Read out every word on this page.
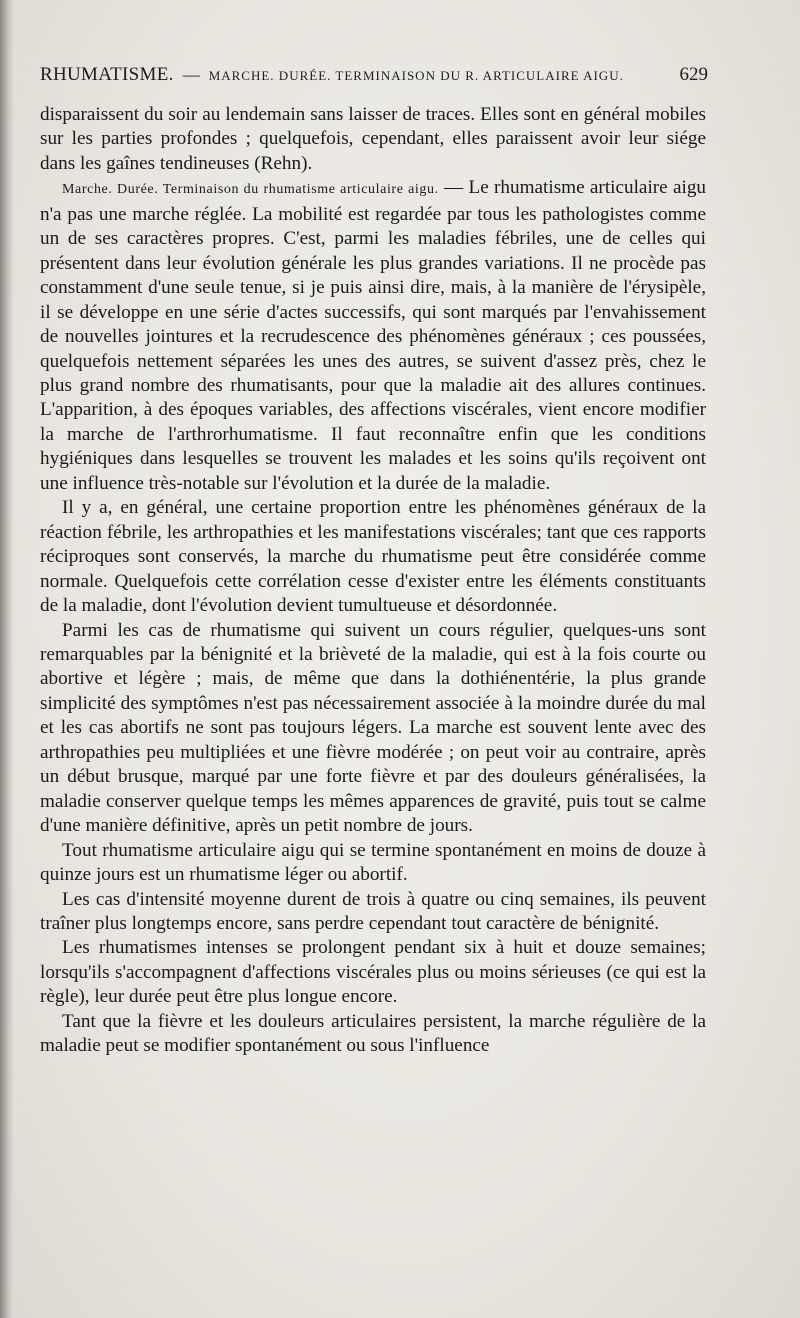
RHUMATISME. — MARCHE. DURÉE. TERMINAISON DU R. ARTICULAIRE AIGU.	629

disparaissent du soir au lendemain sans laisser de traces. Elles sont en général mobiles sur les parties profondes ; quelquefois, cependant, elles paraissent avoir leur siége dans les gaînes tendineuses (Rehn).

Marche. Durée. Terminaison du rhumatisme articulaire aigu. — Le rhumatisme articulaire aigu n'a pas une marche réglée. La mobilité est regardée par tous les pathologistes comme un de ses caractères propres. C'est, parmi les maladies fébriles, une de celles qui présentent dans leur évolution générale les plus grandes variations. Il ne procède pas constamment d'une seule tenue, si je puis ainsi dire, mais, à la manière de l'érysipèle, il se développe en une série d'actes successifs, qui sont marqués par l'envahissement de nouvelles jointures et la recrudescence des phénomènes généraux ; ces poussées, quelquefois nettement séparées les unes des autres, se suivent d'assez près, chez le plus grand nombre des rhumatisants, pour que la maladie ait des allures continues. L'apparition, à des époques variables, des affections viscérales, vient encore modifier la marche de l'arthrorhumatisme. Il faut reconnaître enfin que les conditions hygiéniques dans lesquelles se trouvent les malades et les soins qu'ils reçoivent ont une influence très-notable sur l'évolution et la durée de la maladie.

Il y a, en général, une certaine proportion entre les phénomènes généraux de la réaction fébrile, les arthropathies et les manifestations viscérales; tant que ces rapports réciproques sont conservés, la marche du rhumatisme peut être considérée comme normale. Quelquefois cette corrélation cesse d'exister entre les éléments constituants de la maladie, dont l'évolution devient tumultueuse et désordonnée.

Parmi les cas de rhumatisme qui suivent un cours régulier, quelques-uns sont remarquables par la bénignité et la brièveté de la maladie, qui est à la fois courte ou abortive et légère ; mais, de même que dans la dothiénentérie, la plus grande simplicité des symptômes n'est pas nécessairement associée à la moindre durée du mal et les cas abortifs ne sont pas toujours légers. La marche est souvent lente avec des arthropathies peu multipliées et une fièvre modérée ; on peut voir au contraire, après un début brusque, marqué par une forte fièvre et par des douleurs généralisées, la maladie conserver quelque temps les mêmes apparences de gravité, puis tout se calme d'une manière définitive, après un petit nombre de jours.

Tout rhumatisme articulaire aigu qui se termine spontanément en moins de douze à quinze jours est un rhumatisme léger ou abortif.

Les cas d'intensité moyenne durent de trois à quatre ou cinq semaines, ils peuvent traîner plus longtemps encore, sans perdre cependant tout caractère de bénignité.

Les rhumatismes intenses se prolongent pendant six à huit et douze semaines; lorsqu'ils s'accompagnent d'affections viscérales plus ou moins sérieuses (ce qui est la règle), leur durée peut être plus longue encore.

Tant que la fièvre et les douleurs articulaires persistent, la marche régulière de la maladie peut se modifier spontanément ou sous l'influence
